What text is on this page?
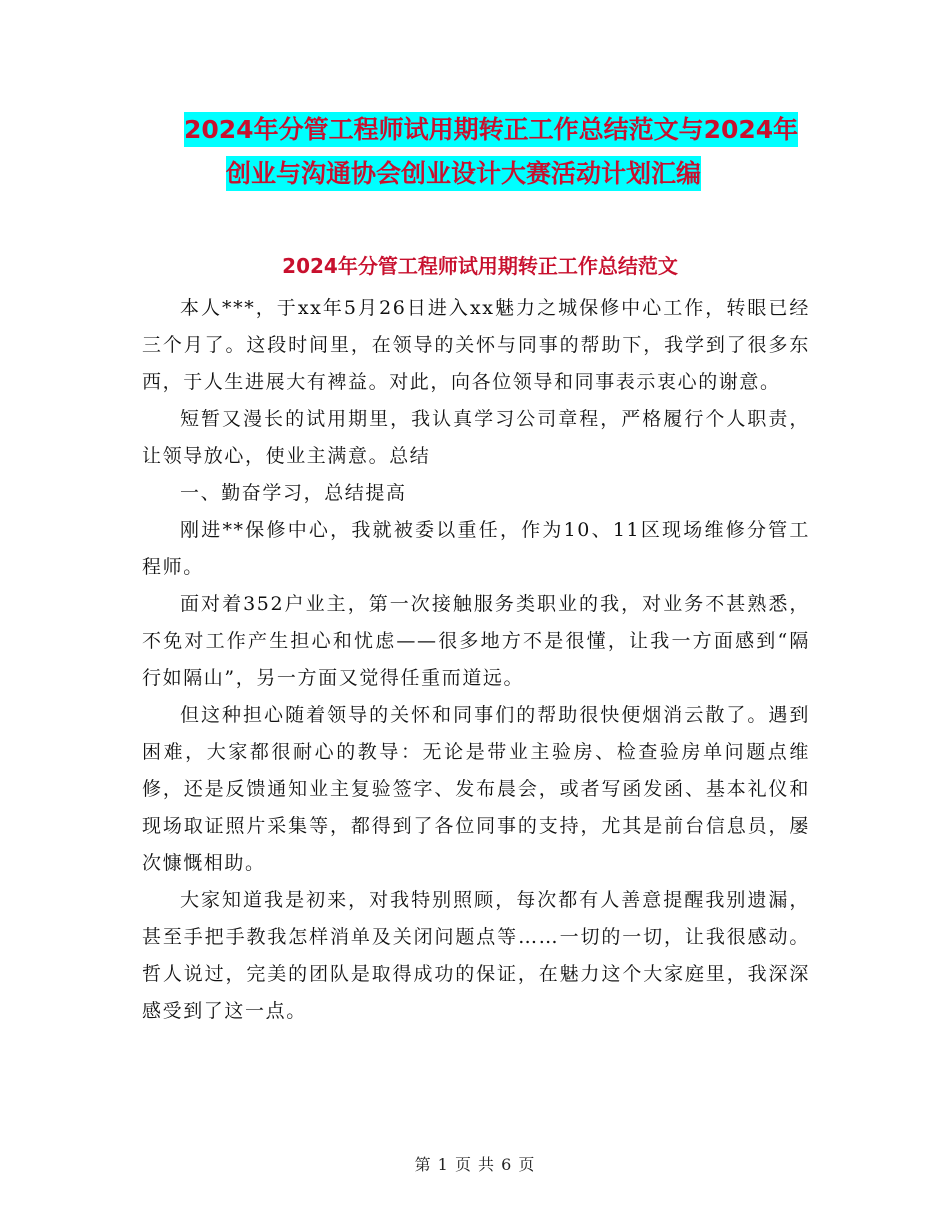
2024年分管工程师试用期转正工作总结范文与2024年
创业与沟通协会创业设计大赛活动计划汇编
2024年分管工程师试用期转正工作总结范文

本人***，于xx年5月26日进入xx魅力之城保修中心工作，转眼已经三个月了。这段时间里，在领导的关怀与同事的帮助下，我学到了很多东西，于人生进展大有裨益。对此，向各位领导和同事表示衷心的谢意。

短暂又漫长的试用期里，我认真学习公司章程，严格履行个人职责，让领导放心，使业主满意。总结

一、勤奋学习，总结提高

刚进**保修中心，我就被委以重任，作为10、11区现场维修分管工程师。

面对着352户业主，第一次接触服务类职业的我，对业务不甚熟悉，不免对工作产生担心和忧虑——很多地方不是很懂，让我一方面感到“隔行如隔山”，另一方面又觉得任重而道远。

但这种担心随着领导的关怀和同事们的帮助很快便烟消云散了。遇到困难，大家都很耐心的教导：无论是带业主验房、检查验房单问题点维修，还是反馈通知业主复验签字、发布晨会，或者写函发函、基本礼仪和现场取证照片采集等，都得到了各位同事的支持，尤其是前台信息员，屡次慷慨相助。

大家知道我是初来，对我特别照顾，每次都有人善意提醒我别遗漏，甚至手把手教我怎样消单及关闭问题点等……一切的一切，让我很感动。哲人说过，完美的团队是取得成功的保证，在魅力这个大家庭里，我深深感受到了这一点。

第 1 页 共 6 页
